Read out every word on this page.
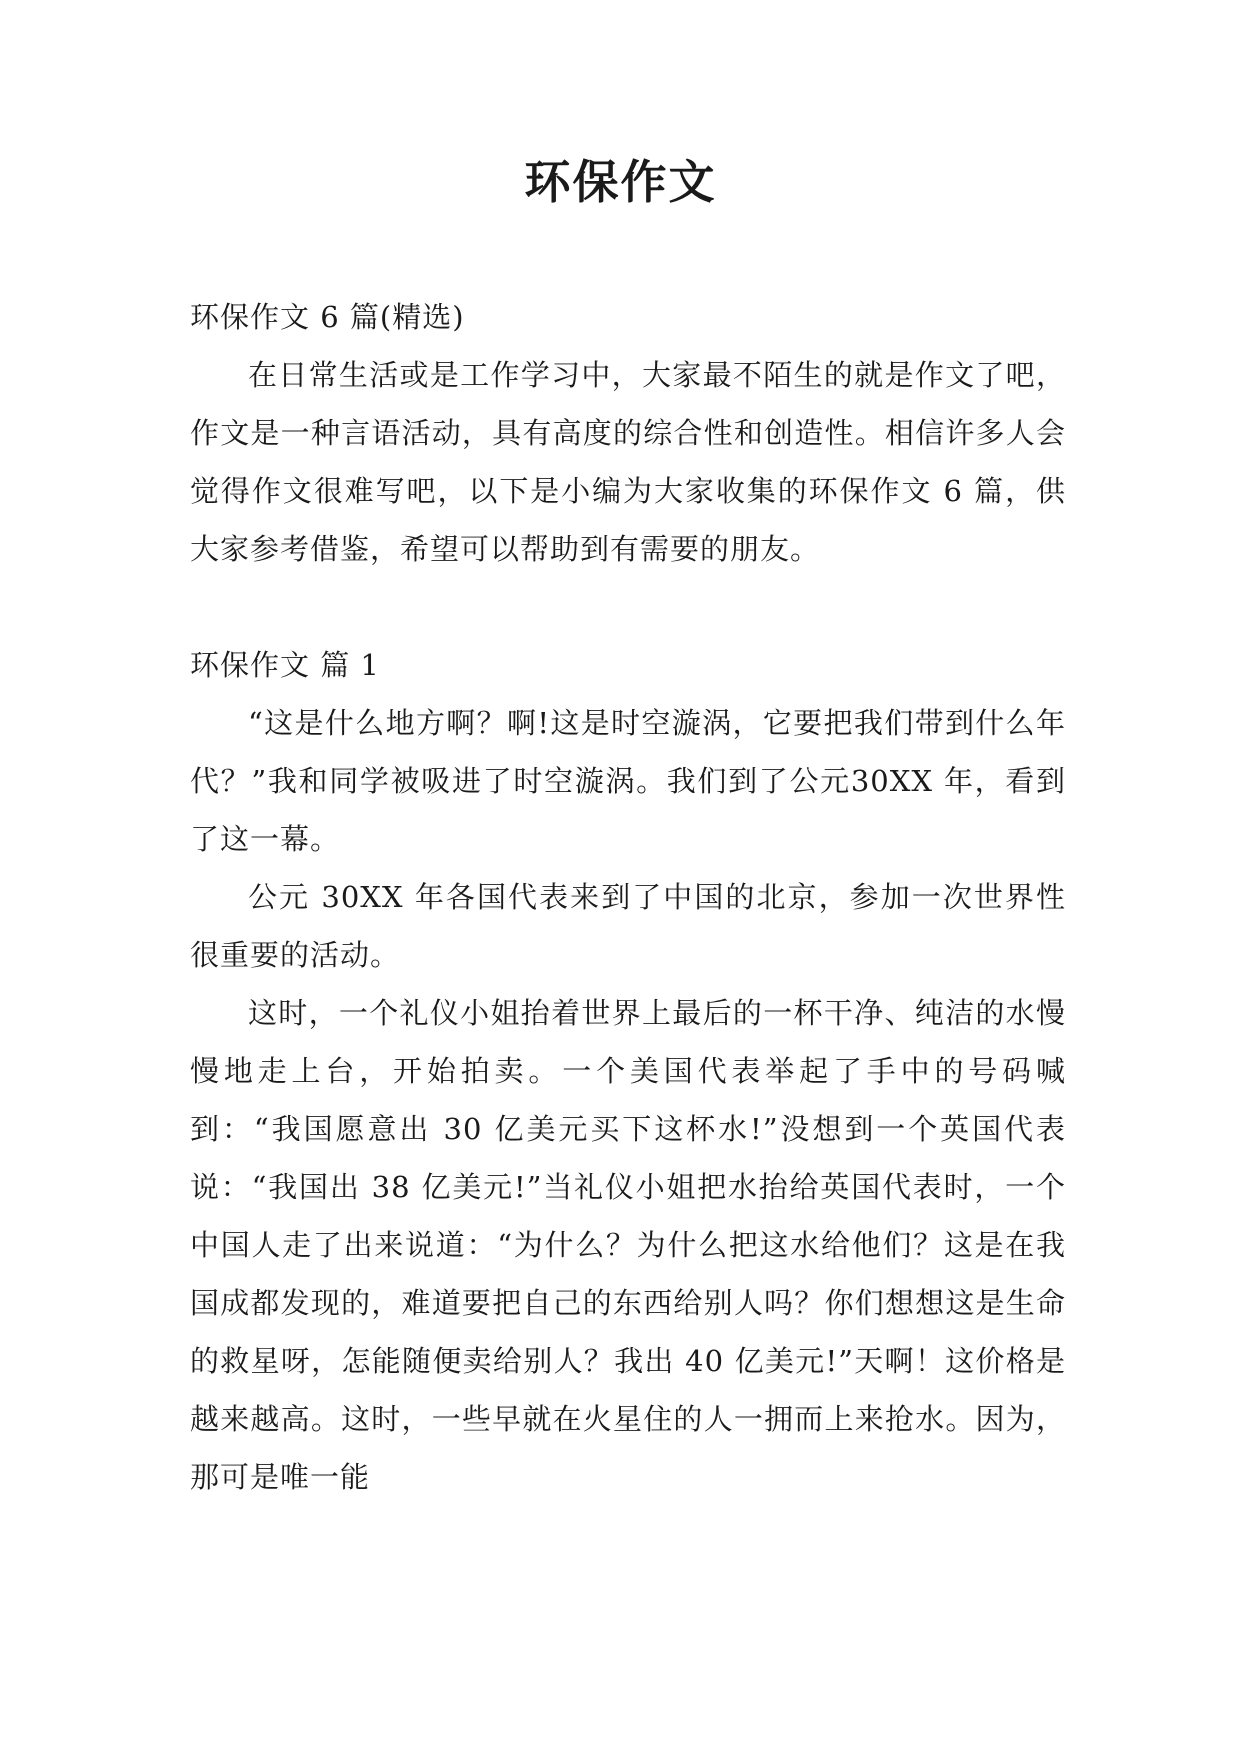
环保作文

环保作文 6 篇(精选)

在日常生活或是工作学习中，大家最不陌生的就是作文了吧，作文是一种言语活动，具有高度的综合性和创造性。相信许多人会觉得作文很难写吧，以下是小编为大家收集的环保作文 6 篇，供大家参考借鉴，希望可以帮助到有需要的朋友。

环保作文 篇 1

“这是什么地方啊？啊!这是时空漩涡，它要把我们带到什么年代？”我和同学被吸进了时空漩涡。我们到了公元30XX 年，看到了这一幕。

公元 30XX 年各国代表来到了中国的北京，参加一次世界性很重要的活动。

这时，一个礼仪小姐抬着世界上最后的一杯干净、纯洁的水慢慢地走上台，开始拍卖。一个美国代表举起了手中的号码喊到：“我国愿意出 30 亿美元买下这杯水!”没想到一个英国代表说：“我国出 38 亿美元!”当礼仪小姐把水抬给英国代表时，一个中国人走了出来说道：“为什么？为什么把这水给他们？这是在我国成都发现的，难道要把自己的东西给别人吗？你们想想这是生命的救星呀，怎能随便卖给别人？我出 40 亿美元!”天啊！这价格是越来越高。这时，一些早就在火星住的人一拥而上来抢水。因为，那可是唯一能
